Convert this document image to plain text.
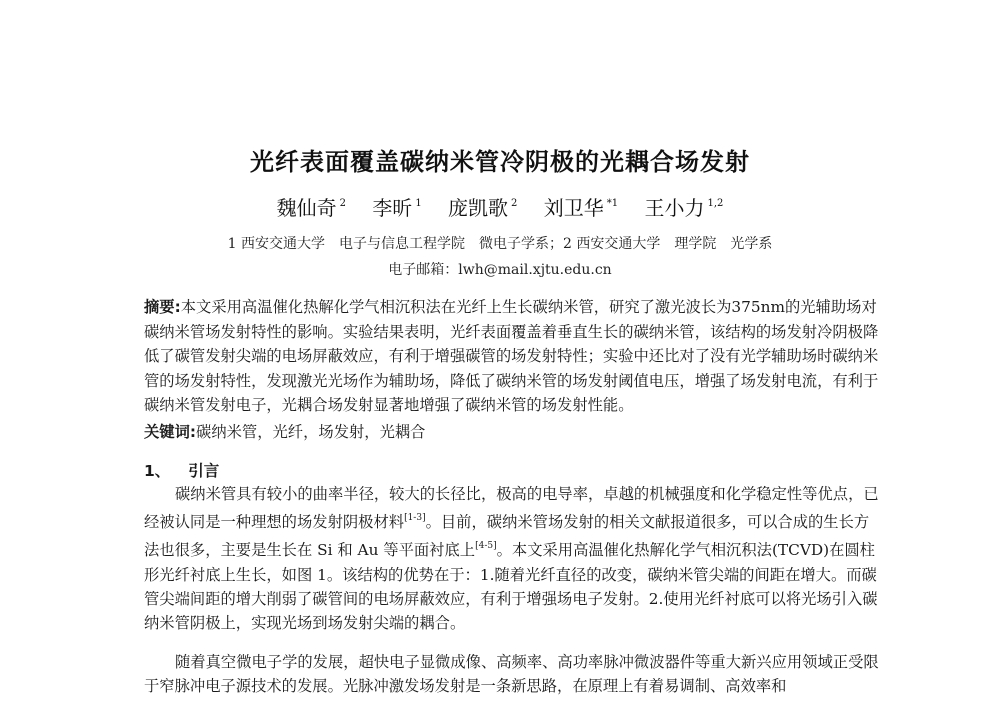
光纤表面覆盖碳纳米管冷阴极的光耦合场发射
魏仙奇 $^2$ 李昕 $^1$ 庞凯歌 $^2$ 刘卫华 $^{*1}$ 王小力 $^{1,2}$
1 西安交通大学　电子与信息工程学院　微电子学系；2 西安交通大学　理学院　光学系
电子邮箱：lwh@mail.xjtu.edu.cn
摘要:本文采用高温催化热解化学气相沉积法在光纤上生长碳纳米管，研究了激光波长为375nm的光辅助场对碳纳米管场发射特性的影响。实验结果表明，光纤表面覆盖着垂直生长的碳纳米管，该结构的场发射冷阴极降低了碳管发射尖端的电场屏蔽效应，有利于增强碳管的场发射特性；实验中还比对了没有光学辅助场时碳纳米管的场发射特性，发现激光光场作为辅助场，降低了碳纳米管的场发射阈值电压，增强了场发射电流，有利于碳纳米管发射电子，光耦合场发射显著地增强了碳纳米管的场发射性能。
关键词:碳纳米管，光纤，场发射，光耦合
1、 引言
碳纳米管具有较小的曲率半径，较大的长径比，极高的电导率，卓越的机械强度和化学稳定性等优点，已经被认同是一种理想的场发射阴极材料[1-3]。目前，碳纳米管场发射的相关文献报道很多，可以合成的生长方法也很多，主要是生长在 Si 和 Au 等平面衬底上[4-5]。本文采用高温催化热解化学气相沉积法(TCVD)在圆柱形光纤衬底上生长，如图 1。该结构的优势在于：1.随着光纤直径的改变，碳纳米管尖端的间距在增大。而碳管尖端间距的增大削弱了碳管间的电场屏蔽效应，有利于增强场电子发射。2.使用光纤衬底可以将光场引入碳纳米管阴极上，实现光场到场发射尖端的耦合。
随着真空微电子学的发展，超快电子显微成像、高频率、高功率脉冲微波器件等重大新兴应用领域正受限于窄脉冲电子源技术的发展。光脉冲激发场发射是一条新思路，在原理上有着易调制、高效率和
